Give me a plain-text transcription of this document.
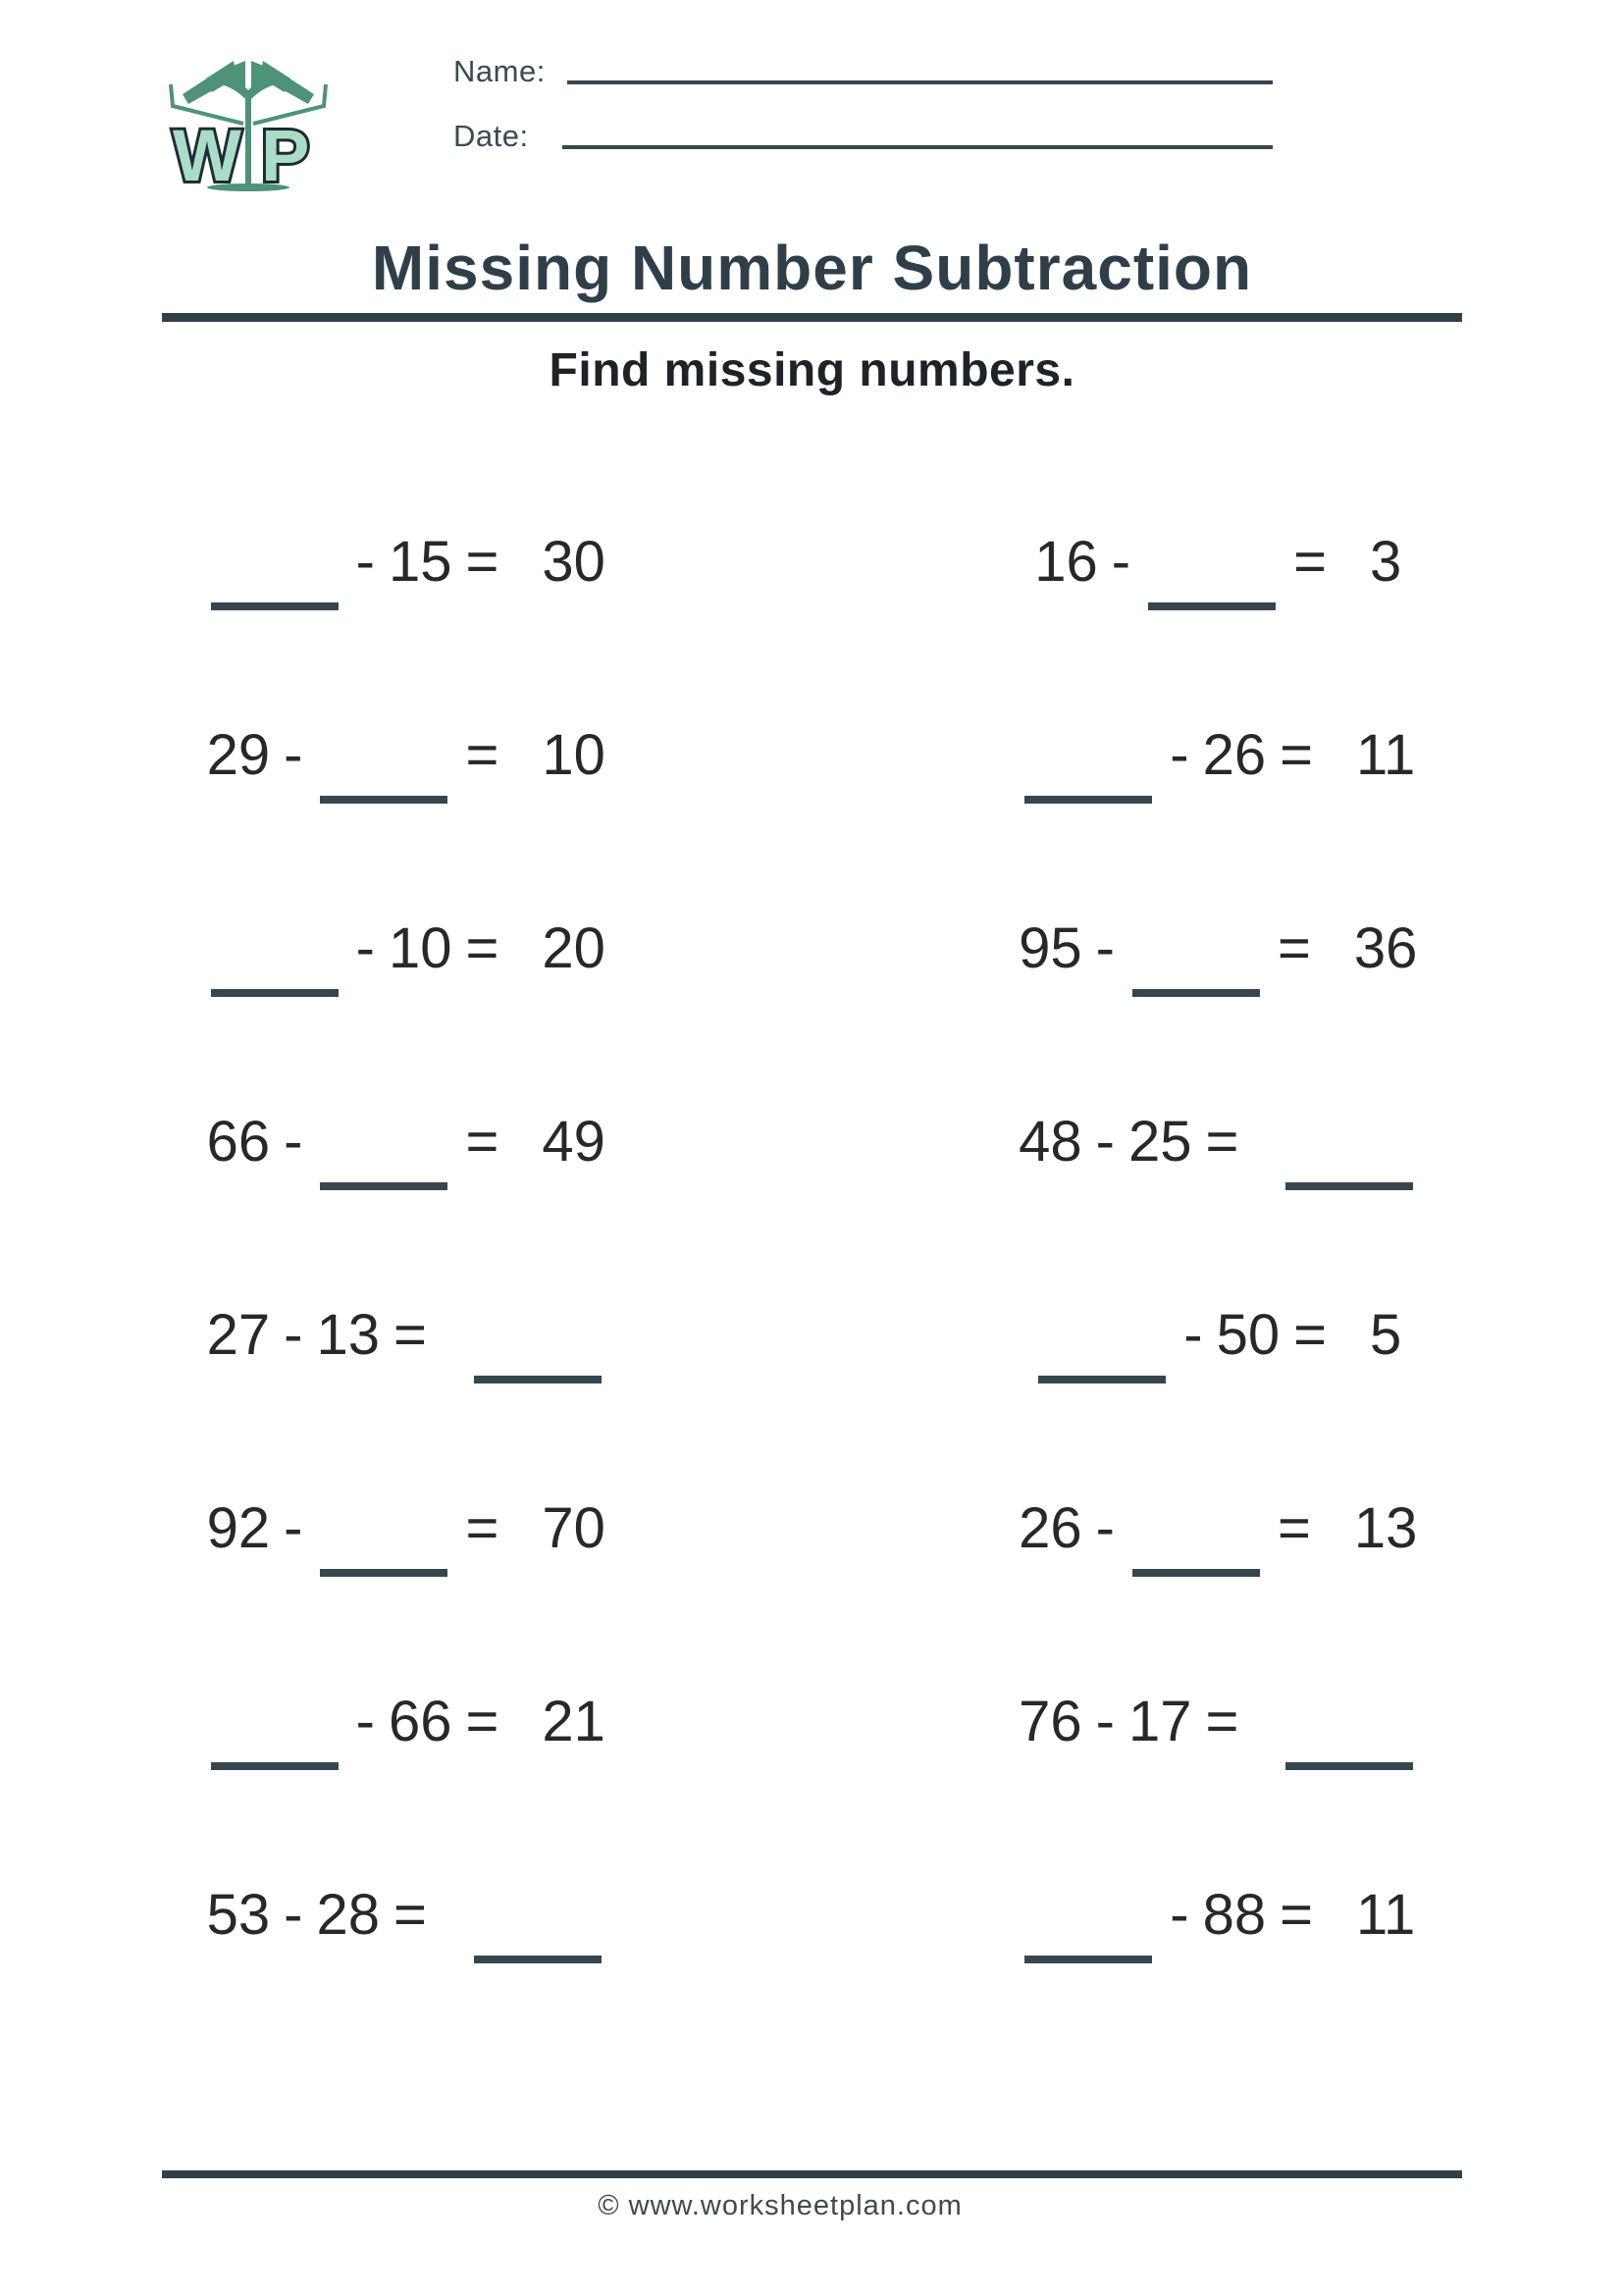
W P
Name:
Date:
Missing Number Subtraction
Find missing numbers.
- 15 = 30	16 -	= 3
29 -	= 10	- 26 = 11
- 10 = 20	95 -	= 36
66 -	= 49	48 - 25 =
27 - 13 =	- 50 = 5
92 -	= 70	26 -	= 13
- 66 = 21	76 - 17 =
53 - 28 =	- 88 = 11
© www.worksheetplan.com
